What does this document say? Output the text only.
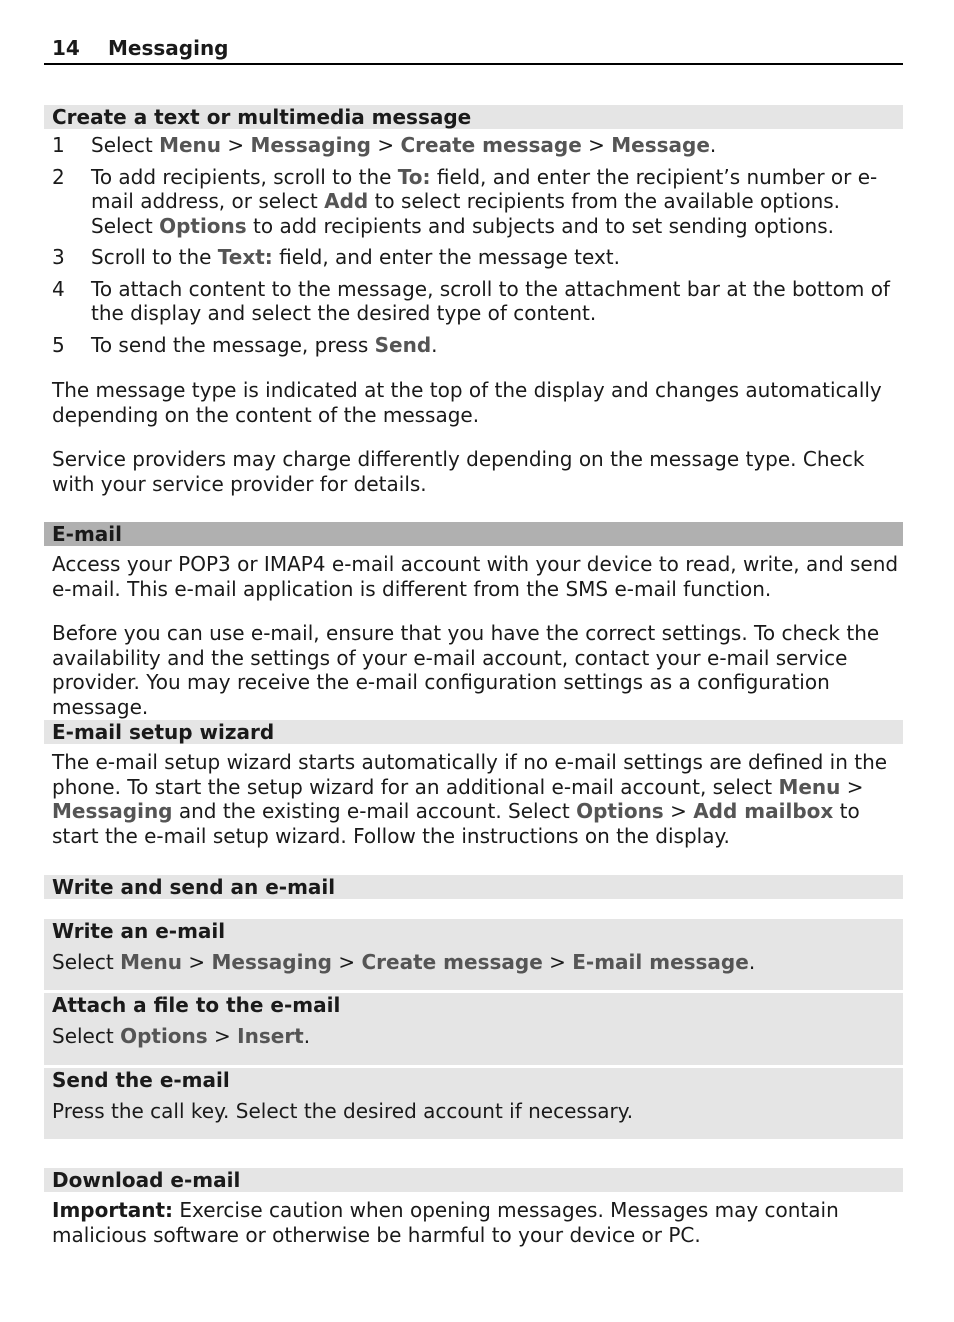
14 Messaging
Create a text or multimedia message
1 Select Menu > Messaging > Create message > Message.
2 To add recipients, scroll to the To: field, and enter the recipient’s number or e-mail address, or select Add to select recipients from the available options. Select Options to add recipients and subjects and to set sending options.
3 Scroll to the Text: field, and enter the message text.
4 To attach content to the message, scroll to the attachment bar at the bottom of the display and select the desired type of content.
5 To send the message, press Send.
The message type is indicated at the top of the display and changes automatically depending on the content of the message.
Service providers may charge differently depending on the message type. Check with your service provider for details.
E-mail
Access your POP3 or IMAP4 e-mail account with your device to read, write, and send e-mail. This e-mail application is different from the SMS e-mail function.
Before you can use e-mail, ensure that you have the correct settings. To check the availability and the settings of your e-mail account, contact your e-mail service provider. You may receive the e-mail configuration settings as a configuration message.
E-mail setup wizard
The e-mail setup wizard starts automatically if no e-mail settings are defined in the phone. To start the setup wizard for an additional e-mail account, select Menu > Messaging and the existing e-mail account. Select Options > Add mailbox to start the e-mail setup wizard. Follow the instructions on the display.
Write and send an e-mail
Write an e-mail
Select Menu > Messaging > Create message > E-mail message.
Attach a file to the e-mail
Select Options > Insert.
Send the e-mail
Press the call key. Select the desired account if necessary.
Download e-mail
Important: Exercise caution when opening messages. Messages may contain malicious software or otherwise be harmful to your device or PC.
